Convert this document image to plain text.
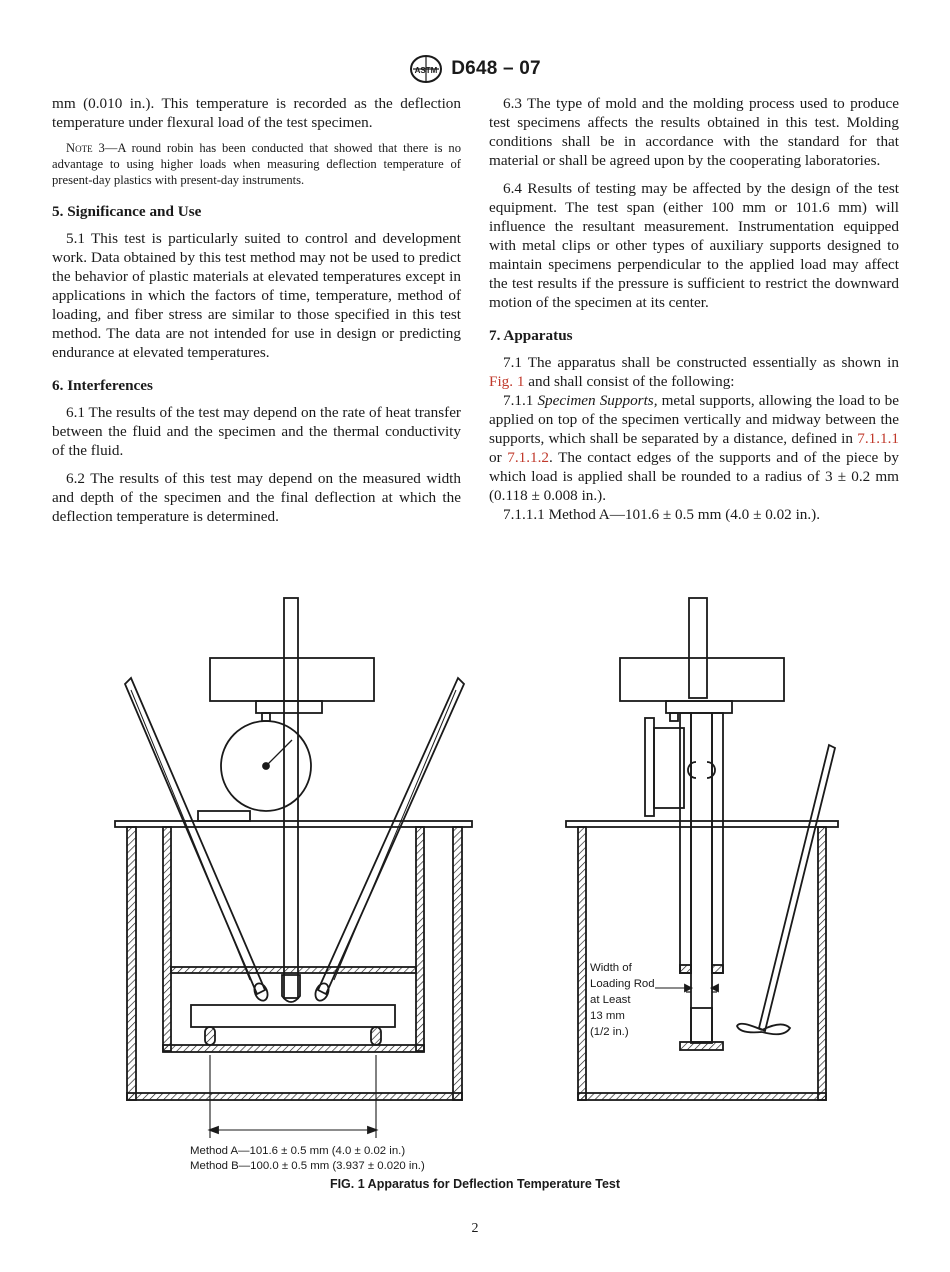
ASTM D648 – 07

mm (0.010 in.). This temperature is recorded as the deflection temperature under flexural load of the test specimen.

Note 3—A round robin has been conducted that showed that there is no advantage to using higher loads when measuring deflection temperature of present-day plastics with present-day instruments.

5. Significance and Use

5.1 This test is particularly suited to control and development work. Data obtained by this test method may not be used to predict the behavior of plastic materials at elevated temperatures except in applications in which the factors of time, temperature, method of loading, and fiber stress are similar to those specified in this test method. The data are not intended for use in design or predicting endurance at elevated temperatures.

6. Interferences

6.1 The results of the test may depend on the rate of heat transfer between the fluid and the specimen and the thermal conductivity of the fluid.

6.2 The results of this test may depend on the measured width and depth of the specimen and the final deflection at which the deflection temperature is determined.

6.3 The type of mold and the molding process used to produce test specimens affects the results obtained in this test. Molding conditions shall be in accordance with the standard for that material or shall be agreed upon by the cooperating laboratories.

6.4 Results of testing may be affected by the design of the test equipment. The test span (either 100 mm or 101.6 mm) will influence the resultant measurement. Instrumentation equipped with metal clips or other types of auxiliary supports designed to maintain specimens perpendicular to the applied load may affect the test results if the pressure is sufficient to restrict the downward motion of the specimen at its center.

7. Apparatus

7.1 The apparatus shall be constructed essentially as shown in Fig. 1 and shall consist of the following:

7.1.1 Specimen Supports, metal supports, allowing the load to be applied on top of the specimen vertically and midway between the supports, which shall be separated by a distance, defined in 7.1.1.1 or 7.1.1.2. The contact edges of the supports and of the piece by which load is applied shall be rounded to a radius of 3 ± 0.2 mm (0.118 ± 0.008 in.).

7.1.1.1 Method A—101.6 ± 0.5 mm (4.0 ± 0.02 in.).

Width of
Loading Rod
at Least
13 mm
(1/2 in.)
Method A—101.6 ± 0.5 mm (4.0 ± 0.02 in.)
Method B—100.0 ± 0.5 mm (3.937 ± 0.020 in.)
FIG. 1 Apparatus for Deflection Temperature Test
2
